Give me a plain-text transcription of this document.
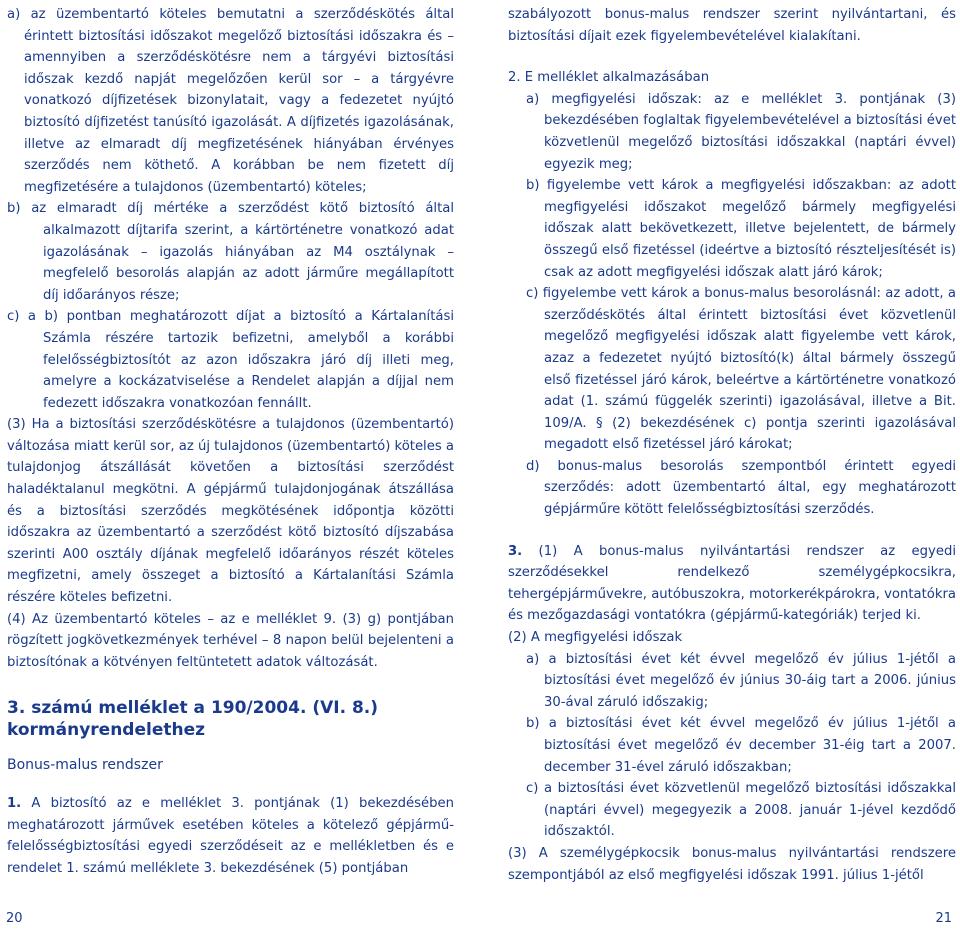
a) az üzembentartó köteles bemutatni a szerződéskötés által érintett biztosítási időszakot megelőző biztosítási időszakra és – amennyiben a szerződéskötésre nem a tárgyévi biztosítási időszak kezdő napját megelőzően kerül sor – a tárgyévre vonatkozó díjfizetések bizonylatait, vagy a fedezetet nyújtó biztosító díjfizetést tanúsító igazolását. A díjfizetés igazolásának, illetve az elmaradt díj megfizetésének hiányában érvényes szerződés nem köthető. A korábban be nem fizetett díj megfizetésére a tulajdonos (üzembentartó) köteles;

b) az elmaradt díj mértéke a szerződést kötő biztosító által alkalmazott díjtarifa szerint, a kártörténetre vonatkozó adat igazolásának – igazolás hiányában az M4 osztálynak – megfelelő besorolás alapján az adott járműre megállapított díj időarányos része;

c) a b) pontban meghatározott díjat a biztosító a Kártalanítási Számla részére tartozik befizetni, amelyből a korábbi felelősségbiztosítót az azon időszakra járó díj illeti meg, amelyre a kockázatviselése a Rendelet alapján a díjjal nem fedezett időszakra vonatkozóan fennállt.

(3) Ha a biztosítási szerződéskötésre a tulajdonos (üzembentartó) változása miatt kerül sor, az új tulajdonos (üzembentartó) köteles a tulajdonjog átszállását követően a biztosítási szerződést haladéktalanul megkötni. A gépjármű tulajdonjogának átszállása és a biztosítási szerződés megkötésének időpontja közötti időszakra az üzembentartó a szerződést kötő biztosító díjszabása szerinti A00 osztály díjának megfelelő időarányos részét köteles megfizetni, amely összeget a biztosító a Kártalanítási Számla részére köteles befizetni.

(4) Az üzembentartó köteles – az e melléklet 9. (3) g) pontjában rögzített jogkövetkezmények terhével – 8 napon belül bejelenteni a biztosítónak a kötvényen feltüntetett adatok változását.

3. számú melléklet a 190/2004. (VI. 8.) kormányrendelethez

Bonus-malus rendszer

1. A biztosító az e melléklet 3. pontjának (1) bekezdésében meghatározott járművek esetében köteles a kötelező gépjármű-felelősségbiztosítási egyedi szerződéseit az e mellékletben és e rendelet 1. számú melléklete 3. bekezdésének (5) pontjában

szabályozott bonus-malus rendszer szerint nyilvántartani, és biztosítási díjait ezek figyelembevételével kialakítani.

2. E melléklet alkalmazásában

a) megfigyelési időszak: az e melléklet 3. pontjának (3) bekezdésében foglaltak figyelembevételével a biztosítási évet közvetlenül megelőző biztosítási időszakkal (naptári évvel) egyezik meg;

b) figyelembe vett károk a megfigyelési időszakban: az adott megfigyelési időszakot megelőző bármely megfigyelési időszak alatt bekövetkezett, illetve bejelentett, de bármely összegű első fizetéssel (ideértve a biztosító részteljesítését is) csak az adott megfigyelési időszak alatt járó károk;

c) figyelembe vett károk a bonus-malus besorolásnál: az adott, a szerződéskötés által érintett biztosítási évet közvetlenül megelőző megfigyelési időszak alatt figyelembe vett károk, azaz a fedezetet nyújtó biztosító(k) által bármely összegű első fizetéssel járó károk, beleértve a kártörténetre vonatkozó adat (1. számú függelék szerinti) igazolásával, illetve a Bit. 109/A. § (2) bekezdésének c) pontja szerinti igazolásával megadott első fizetéssel járó károkat;

d) bonus-malus besorolás szempontból érintett egyedi szerződés: adott üzembentartó által, egy meghatározott gépjárműre kötött felelősségbiztosítási szerződés.

3. (1) A bonus-malus nyilvántartási rendszer az egyedi szerződésekkel rendelkező személygépkocsikra, tehergépjárművekre, autóbuszokra, motorkerékpárokra, vontatókra és mezőgazdasági vontatókra (gépjármű-kategóriák) terjed ki.

(2) A megfigyelési időszak

a) a biztosítási évet két évvel megelőző év július 1-jétől a biztosítási évet megelőző év június 30-áig tart a 2006. június 30-ával záruló időszakig;

b) a biztosítási évet két évvel megelőző év július 1-jétől a biztosítási évet megelőző év december 31-éig tart a 2007. december 31-ével záruló időszakban;

c) a biztosítási évet közvetlenül megelőző biztosítási időszakkal (naptári évvel) megegyezik a 2008. január 1-jével kezdődő időszaktól.

(3) A személygépkocsik bonus-malus nyilvántartási rendszere szempontjából az első megfigyelési időszak 1991. július 1-jétől

20	21
